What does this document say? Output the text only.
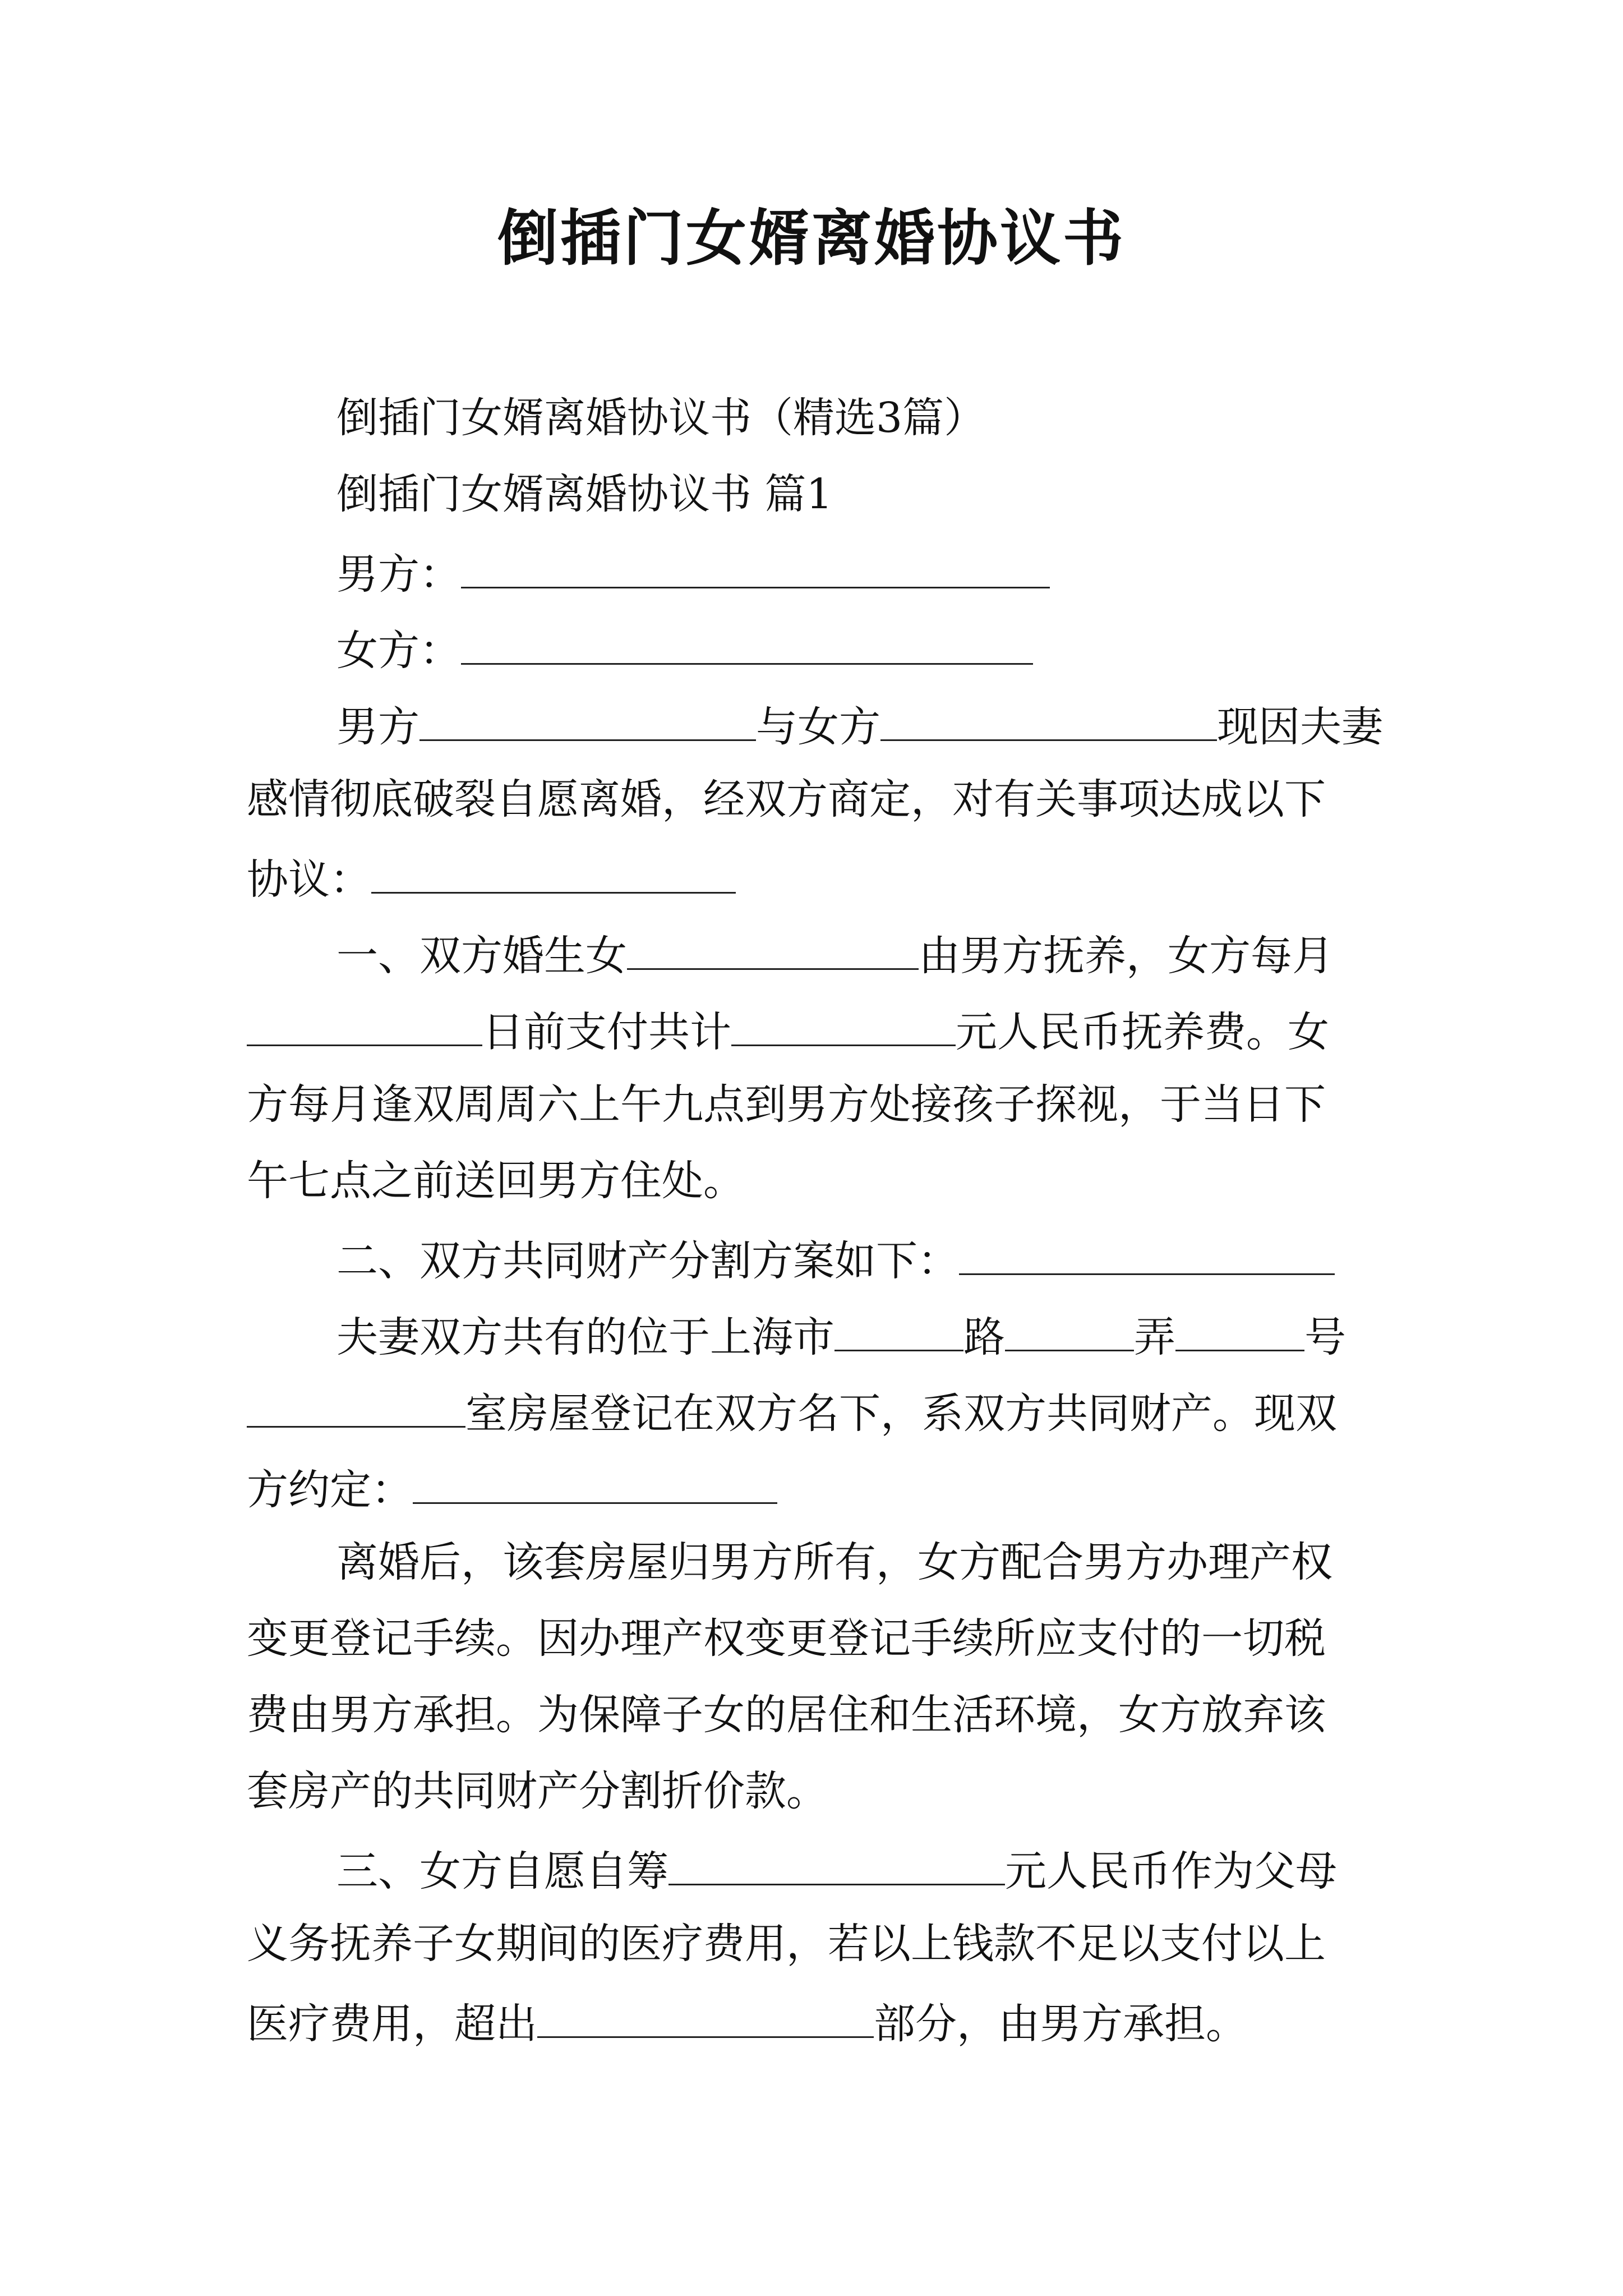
倒插门女婿离婚协议书
倒插门女婿离婚协议书（精选3篇）
倒插门女婿离婚协议书 篇1
男方：
女方：
男方	与女方	现因夫妻
感情彻底破裂自愿离婚，经双方商定，对有关事项达成以下
协议：
一、双方婚生女	由男方抚养，女方每月
日前支付共计	元人民币抚养费。女
方每月逢双周周六上午九点到男方处接孩子探视，于当日下
午七点之前送回男方住处。
二、双方共同财产分割方案如下：
夫妻双方共有的位于上海市	路	弄	号
室房屋登记在双方名下，系双方共同财产。现双
方约定：
离婚后，该套房屋归男方所有，女方配合男方办理产权
变更登记手续。因办理产权变更登记手续所应支付的一切税
费由男方承担。为保障子女的居住和生活环境，女方放弃该
套房产的共同财产分割折价款。
三、女方自愿自筹	元人民币作为父母
义务抚养子女期间的医疗费用，若以上钱款不足以支付以上
医疗费用，超出	部分，由男方承担。
